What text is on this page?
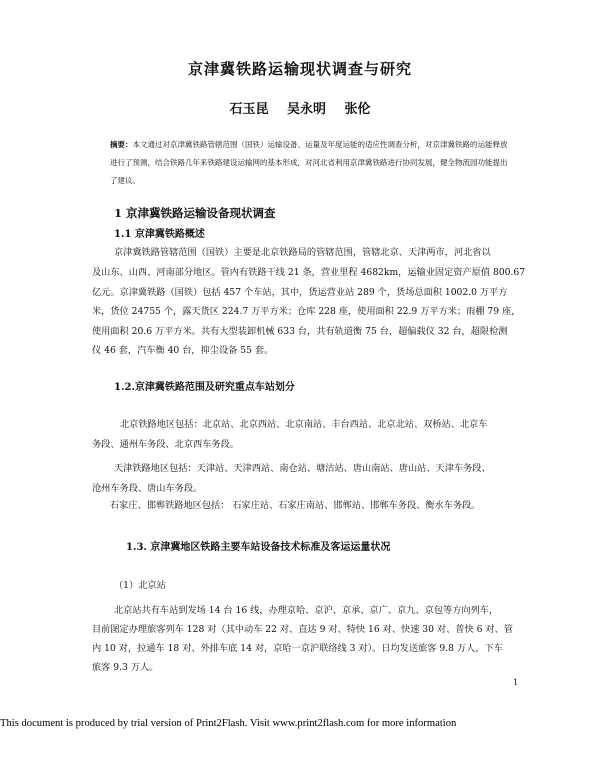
京津冀铁路运输现状调查与研究
石玉昆 吴永明 张伦
摘要：本文通过对京津冀铁路管辖范围（国铁）运输设备、运量及年度运能的适应性调查分析，对京津冀铁路的运能释放进行了预测，结合铁路几年来铁路建设运输网的基本形成，对河北省利用京津冀铁路进行协同发展，健全物流园功能提出了建议。
1 京津冀铁路运输设备现状调查
1.1 京津冀铁路概述
京津冀铁路管辖范围（国铁）主要是北京铁路局的管辖范围，管辖北京、天津两市，河北省以
及山东、山西、河南部分地区。管内有铁路干线 21 条，营业里程 4682km，运输业固定资产原值 800.67
亿元。京津冀铁路（国铁）包括 457 个车站，其中，货运营业站 289 个，货场总面积 1002.0 万平方
米，货位 24755 个，露天货区 224.7 万平方米；仓库 228 座，使用面积 22.9 万平方米；雨棚 79 座，
使用面积 20.6 万平方米。共有大型装卸机械 633 台，共有轨道衡 75 台，超偏载仪 32 台，超限检测
仪 46 套，汽车衡 40 台，抑尘设备 55 套。
1.2.京津冀铁路范围及研究重点车站划分
北京铁路地区包括：北京站、北京西站、北京南站、丰台西站、北京北站、双桥站、北京车
务段、通州车务段、北京西车务段。
天津铁路地区包括：天津站、天津西站、南仓站、塘沽站、唐山南站、唐山站、天津车务段、
沧州车务段、唐山车务段。
石家庄、邯郸铁路地区包括： 石家庄站、石家庄南站、邯郸站、邯郸车务段、衡水车务段。
1.3. 京津冀地区铁路主要车站设备技术标准及客运运量状况
（1）北京站
北京站共有车站到发场 14 台 16 线，办理京哈、京沪、京承、京广、京九、京包等方向列车，
目前图定办理旅客列车 128 对（其中动车 22 对、直达 9 对、特快 16 对、快速 30 对、普快 6 对、管
内 10 对，拉通车 18 对、外排车底 14 对，京哈一京沪联络线 3 对）。日均发送旅客 9.8 万人，下车
旅客 9.3 万人。
1
This document is produced by trial version of Print2Flash. Visit www.print2flash.com for more information
